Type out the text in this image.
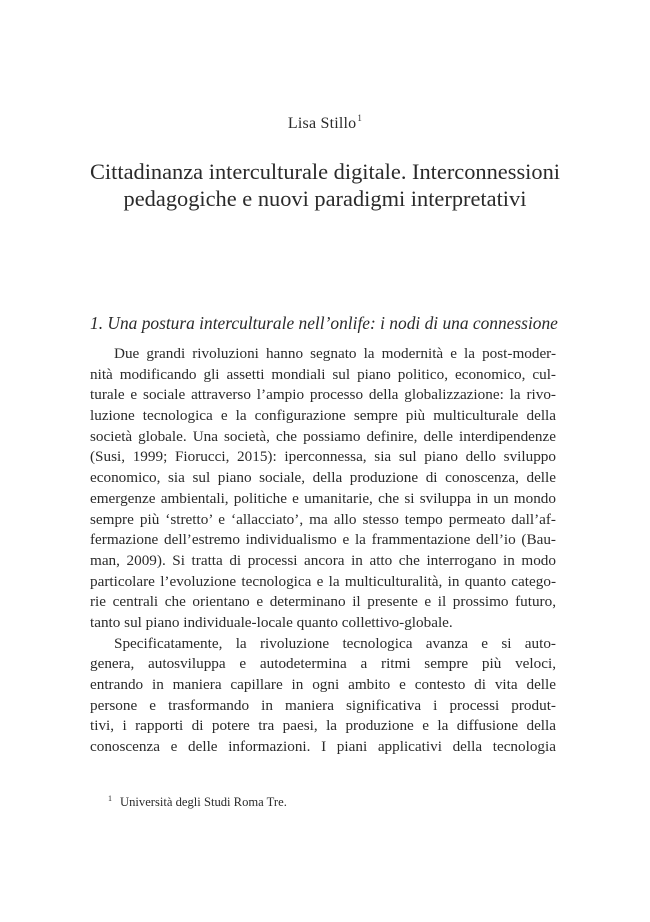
Lisa Stillo$^1$
Cittadinanza interculturale digitale. Interconnessioni
pedagogiche e nuovi paradigmi interpretativi
1. Una postura interculturale nell’onlife: i nodi di una connessione
Due grandi rivoluzioni hanno segnato la modernità e la post-moder-
nità modificando gli assetti mondiali sul piano politico, economico, cul-
turale e sociale attraverso l’ampio processo della globalizzazione: la rivo-
luzione tecnologica e la configurazione sempre più multiculturale della
società globale. Una società, che possiamo definire, delle interdipendenze
(Susi, 1999; Fiorucci, 2015): iperconnessa, sia sul piano dello sviluppo
economico, sia sul piano sociale, della produzione di conoscenza, delle
emergenze ambientali, politiche e umanitarie, che si sviluppa in un mondo
sempre più ‘stretto’ e ‘allacciato’, ma allo stesso tempo permeato dall’af-
fermazione dell’estremo individualismo e la frammentazione dell’io (Bau-
man, 2009). Si tratta di processi ancora in atto che interrogano in modo
particolare l’evoluzione tecnologica e la multiculturalità, in quanto catego-
rie centrali che orientano e determinano il presente e il prossimo futuro,
tanto sul piano individuale-locale quanto collettivo-globale.
Specificatamente, la rivoluzione tecnologica avanza e si auto-
genera, autosviluppa e autodetermina a ritmi sempre più veloci,
entrando in maniera capillare in ogni ambito e contesto di vita delle
persone e trasformando in maniera significativa i processi produt-
tivi, i rapporti di potere tra paesi, la produzione e la diffusione della
conoscenza e delle informazioni. I piani applicativi della tecnologia
$^1$ Università degli Studi Roma Tre.
